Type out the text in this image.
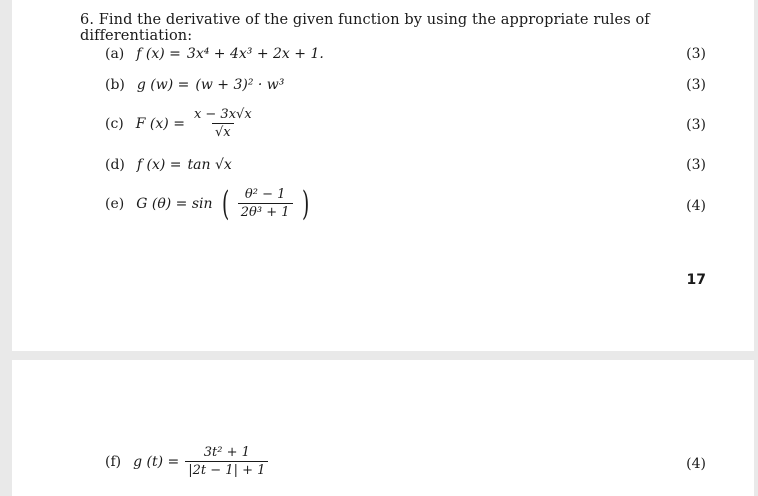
6. Find the derivative of the given function by using the appropriate rules of differentiation:
(a) f (x) = 3x⁴ + 4x³ + 2x + 1.	(3)
(b) g (w) = (w + 3)² · w³	(3)
(c) F $(x) = \frac{x - 3x√x}{√x}$	(3)
(d) f (x) = tan √x	(3)
(e) G (θ) = sin ( $\frac{\text{θ² − 1}}{\text{2θ³ + 1}}$ )	(4)
17
(f) g $(t) = \frac{\text{3t² + 1}}{|2t - 1| + 1}$	(4)
